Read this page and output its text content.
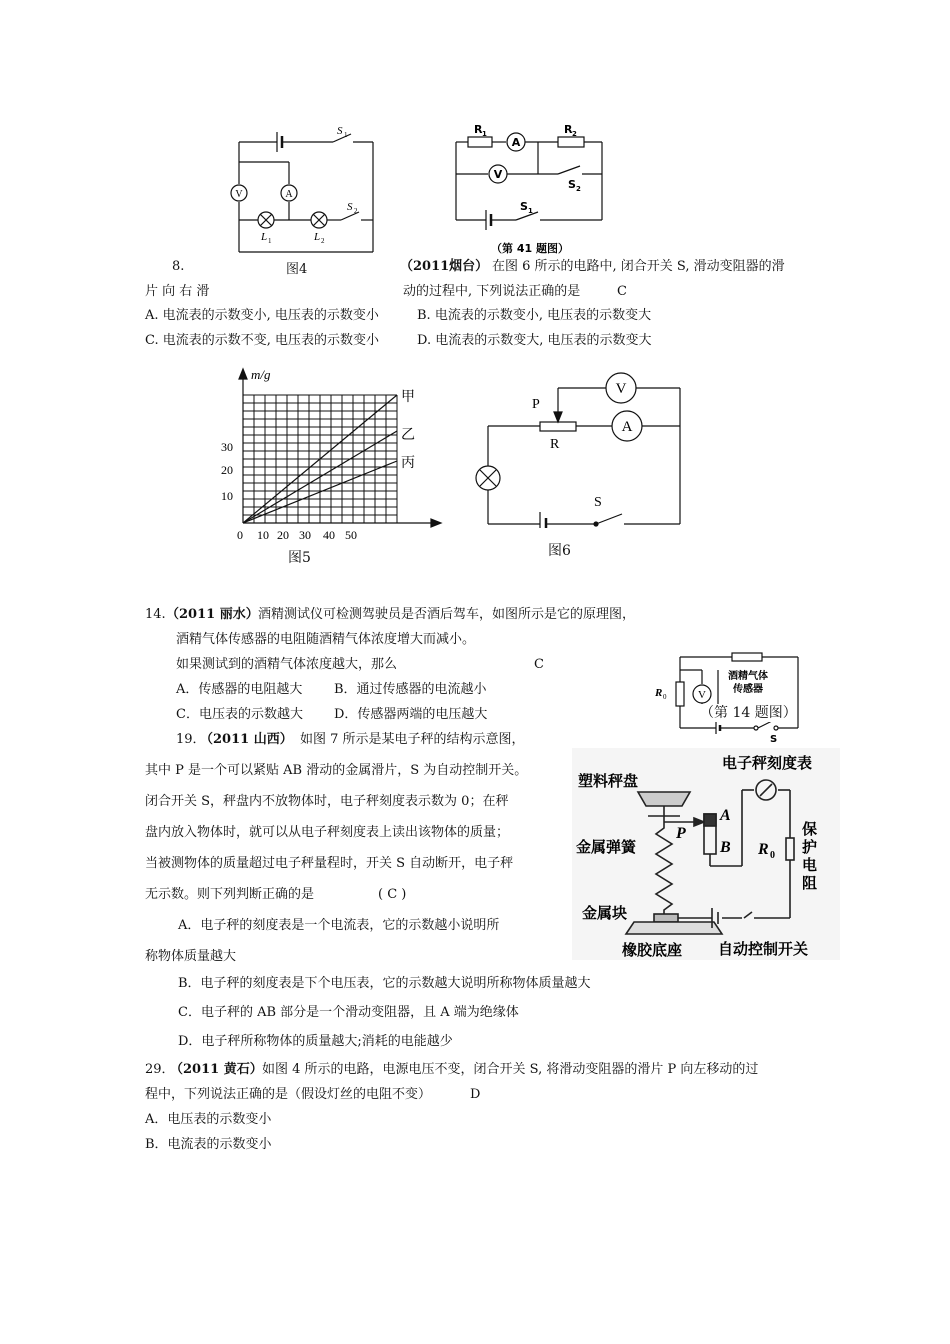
V	A
S 1
S 2
L 1	L 2
图4
A
V
R 1	R 2
S 2
S 1
（第 41 题图）
8.	（2011烟台） 在图 6 所示的电路中, 闭合开关 S, 滑动变阻器的滑
片 向 右 滑	动的过程中, 下列说法正确的是	C
A. 电流表的示数变小, 电压表的示数变小	B. 电流表的示数变小, 电压表的示数变大
C. 电流表的示数不变, 电压表的示数变小	D. 电流表的示数变大, 电压表的示数变大
m/g
30
20
10
0 10 20 30 40 50
甲
乙
丙
图5
V
A
P
R
S
图6
14. （2011 丽水） 酒精测试仪可检测驾驶员是否酒后驾车，如图所示是它的原理图，
酒精气体传感器的电阻随酒精气体浓度增大而减小。
如果测试到的酒精气体浓度越大，那么	C
A．传感器的电阻越大 B．通过传感器的电流越小
C．电压表的示数越大 D．传感器两端的电压越大
V
酒精气体
传感器
R 0
S
（第 14 题图）
19．
（2011 山西） 如图 7 所示是某电子秤的结构示意图，
其中 P 是一个可以紧贴 AB 滑动的金属滑片，S 为自动控制开关。
闭合开关 S，秤盘内不放物体时，电子秤刻度表示数为 0；在秤
盘内放入物体时，就可以从电子秤刻度表上读出该物体的质量；
当被测物体的质量超过电子秤量程时，开关 S 自动断开，电子秤
无示数。则下列判断正确的是	( C )
A．电子秤的刻度表是一个电流表，它的示数越小说明所
称物体质量越大
B．电子秤的刻度表是下个电压表，它的示数越大说明所称物体质量越大
C．电子秤的 AB 部分是一个滑动变阻器，且 A 端为绝缘体
D．电子秤所称物体的质量越大;消耗的电能越少
塑料秤盘
电子秤刻度表
金属弹簧
金属块
橡胶底座 自动控制开关
保
护
电
阻
P
A
B R 0
29．
（2011 黄石） 如图 4 所示的电路，电源电压不变，闭合开关 S, 将滑动变阻器的滑片 P 向左移动的过
程中，下列说法正确的是（假设灯丝的电阻不变）	D
A．电压表的示数变小
B．电流表的示数变小
